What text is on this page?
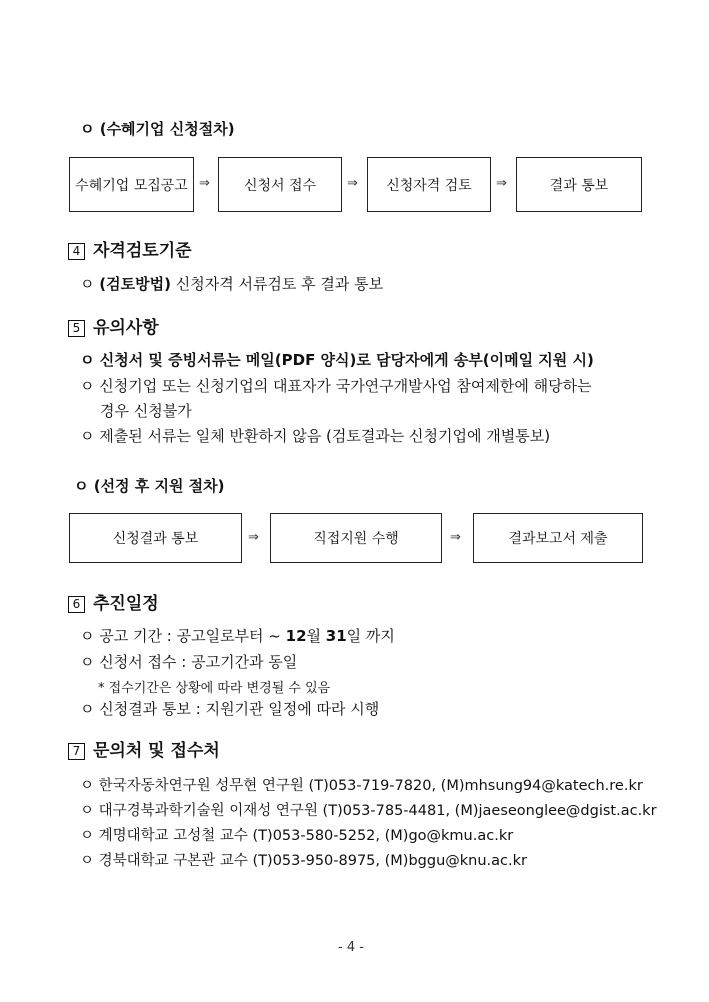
ㅇ (수혜기업 신청절차)
수혜기업 모집공고 ⇒	신청서 접수	⇒	신청자격 검토	⇒	결과 통보
4 자격검토기준
ㅇ (검토방법) 신청자격 서류검토 후 결과 통보
5 유의사항
ㅇ 신청서 및 증빙서류는 메일(PDF 양식)로 담당자에게 송부(이메일 지원 시)
ㅇ 신청기업 또는 신청기업의 대표자가 국가연구개발사업 참여제한에 해당하는
경우 신청불가
ㅇ 제출된 서류는 일체 반환하지 않음 (검토결과는 신청기업에 개별통보)
ㅇ (선정 후 지원 절차)
신청결과 통보	⇒	직접지원 수행	⇒	결과보고서 제출
6 추진일정
ㅇ 공고 기간 : 공고일로부터 ~ 12월 31일 까지
ㅇ 신청서 접수 : 공고기간과 동일
* 접수기간은 상황에 따라 변경될 수 있음
ㅇ 신청결과 통보 : 지원기관 일정에 따라 시행
7 문의처 및 접수처
ㅇ 한국자동차연구원 성무현 연구원 (T)053-719-7820, (M)mhsung94@katech.re.kr
ㅇ 대구경북과학기술원 이재성 연구원 (T)053-785-4481, (M)jaeseonglee@dgist.ac.kr
ㅇ 계명대학교 고성철 교수 (T)053-580-5252, (M)go@kmu.ac.kr
ㅇ 경북대학교 구본관 교수 (T)053-950-8975, (M)bggu@knu.ac.kr
- 4 -
